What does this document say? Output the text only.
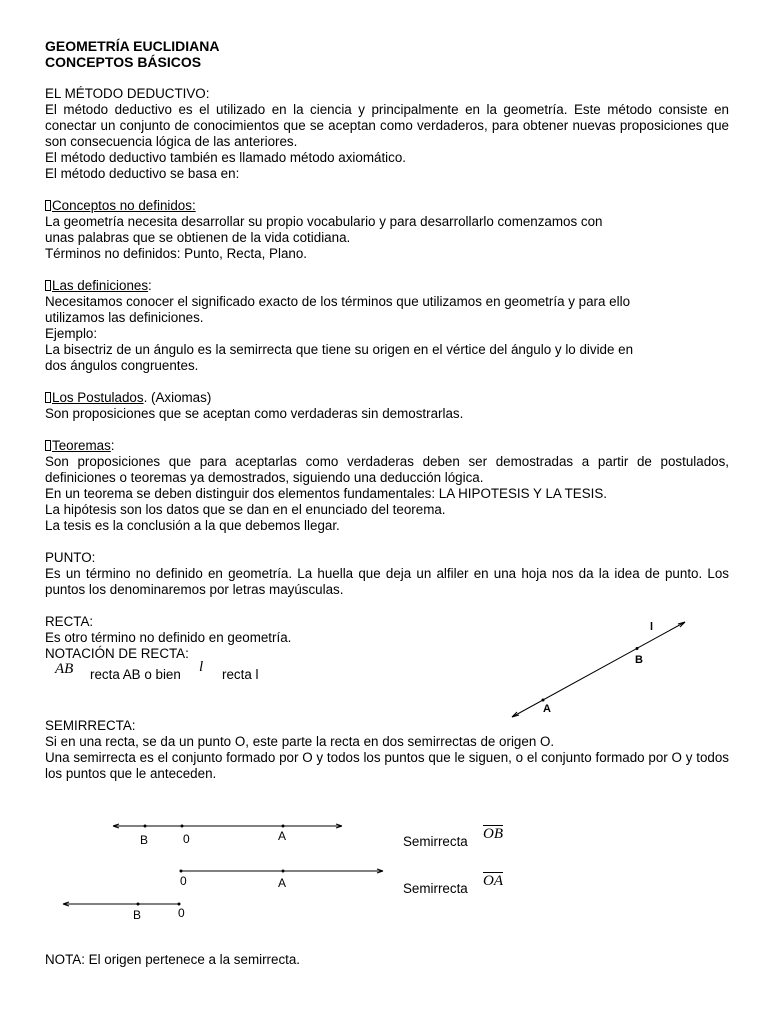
GEOMETRÍA EUCLIDIANA

CONCEPTOS BÁSICOS

EL MÉTODO DEDUCTIVO:

El método deductivo es el utilizado en la ciencia y principalmente en la geometría. Este método consiste en conectar un conjunto de conocimientos que se aceptan como verdaderos, para obtener nuevas proposiciones que son consecuencia lógica de las anteriores.

El método deductivo también es llamado método axiomático.

El método deductivo se basa en:

Conceptos no definidos:

La geometría necesita desarrollar su propio vocabulario y para desarrollarlo comenzamos con

unas palabras que se obtienen de la vida cotidiana.

Términos no definidos: Punto, Recta, Plano.

Las definiciones:

Necesitamos conocer el significado exacto de los términos que utilizamos en geometría y para ello

utilizamos las definiciones.

Ejemplo:

La bisectriz de un ángulo es la semirrecta que tiene su origen en el vértice del ángulo y lo divide en

dos ángulos congruentes.

Los Postulados. (Axiomas)

Son proposiciones que se aceptan como verdaderas sin demostrarlas.

Teoremas:

Son proposiciones que para aceptarlas como verdaderas deben ser demostradas a partir de postulados, definiciones o teoremas ya demostrados, siguiendo una deducción lógica.

En un teorema se deben distinguir dos elementos fundamentales: LA HIPOTESIS Y LA TESIS.

La hipótesis son los datos que se dan en el enunciado del teorema.

La tesis es la conclusión a la que debemos llegar.

PUNTO:

Es un término no definido en geometría. La huella que deja un alfiler en una hoja nos da la idea de punto. Los puntos los denominaremos por letras mayúsculas.

RECTA:

Es otro término no definido en geometría.

NOTACIÓN DE RECTA:

AB recta AB o bien l recta l

SEMIRRECTA:

Si en una recta, se da un punto O, este parte la recta en dos semirrectas de origen O.

Una semirrecta es el conjunto formado por O y todos los puntos que le siguen, o el conjunto formado por O y todos los puntos que le anteceden.

l
B
A
B	0	A
0	A
B	0
Semirrecta $\overline{OB}$
Semirrecta $\overline{OA}$

NOTA: El origen pertenece a la semirrecta.
